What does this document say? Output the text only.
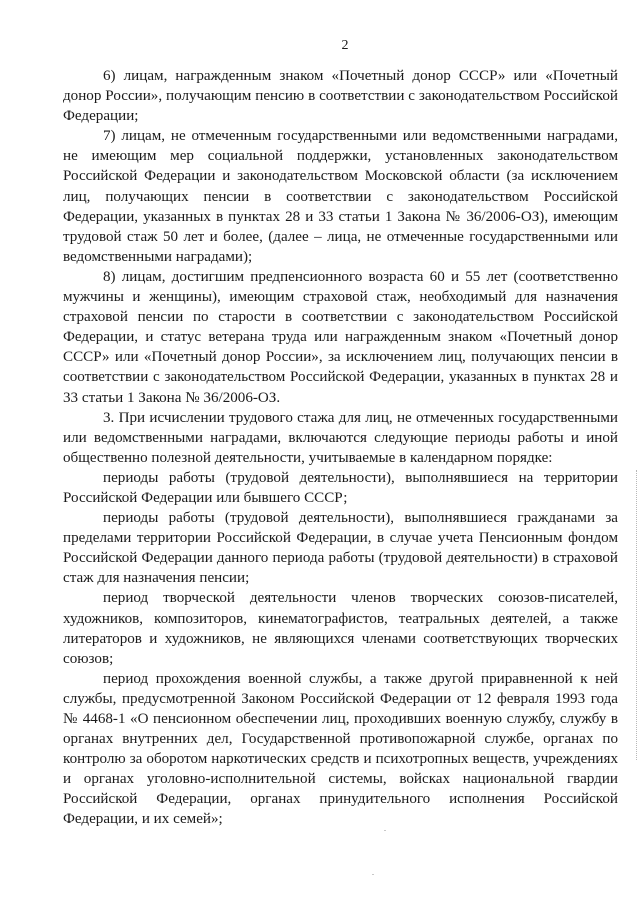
2

6) лицам, награжденным знаком «Почетный донор СССР» или «Почетный донор России», получающим пенсию в соответствии с законодательством Российской Федерации;

7) лицам, не отмеченным государственными или ведомственными наградами, не имеющим мер социальной поддержки, установленных законодательством Российской Федерации и законодательством Московской области (за исключением лиц, получающих пенсии в соответствии с законодательством Российской Федерации, указанных в пунктах 28 и 33 статьи 1 Закона № 36/2006-ОЗ), имеющим трудовой стаж 50 лет и более, (далее – лица, не отмеченные государственными или ведомственными наградами);

8) лицам, достигшим предпенсионного возраста 60 и 55 лет (соответственно мужчины и женщины), имеющим страховой стаж, необходимый для назначения страховой пенсии по старости в соответствии с законодательством Российской Федерации, и статус ветерана труда или награжденным знаком «Почетный донор СССР» или «Почетный донор России», за исключением лиц, получающих пенсии в соответствии с законодательством Российской Федерации, указанных в пунктах 28 и 33 статьи 1 Закона № 36/2006-ОЗ.

3. При исчислении трудового стажа для лиц, не отмеченных государственными или ведомственными наградами, включаются следующие периоды работы и иной общественно полезной деятельности, учитываемые в календарном порядке:

периоды работы (трудовой деятельности), выполнявшиеся на территории Российской Федерации или бывшего СССР;

периоды работы (трудовой деятельности), выполнявшиеся гражданами за пределами территории Российской Федерации, в случае учета Пенсионным фондом Российской Федерации данного периода работы (трудовой деятельности) в страховой стаж для назначения пенсии;

период творческой деятельности членов творческих союзов-писателей, художников, композиторов, кинематографистов, театральных деятелей, а также литераторов и художников, не являющихся членами соответствующих творческих союзов;

период прохождения военной службы, а также другой приравненной к ней службы, предусмотренной Законом Российской Федерации от 12 февраля 1993 года № 4468-1 «О пенсионном обеспечении лиц, проходивших военную службу, службу в органах внутренних дел, Государственной противопожарной службе, органах по контролю за оборотом наркотических средств и психотропных веществ, учреждениях и органах уголовно-исполнительной системы, войсках национальной гвардии Российской Федерации, органах принудительного исполнения Российской Федерации, и их семей»;
